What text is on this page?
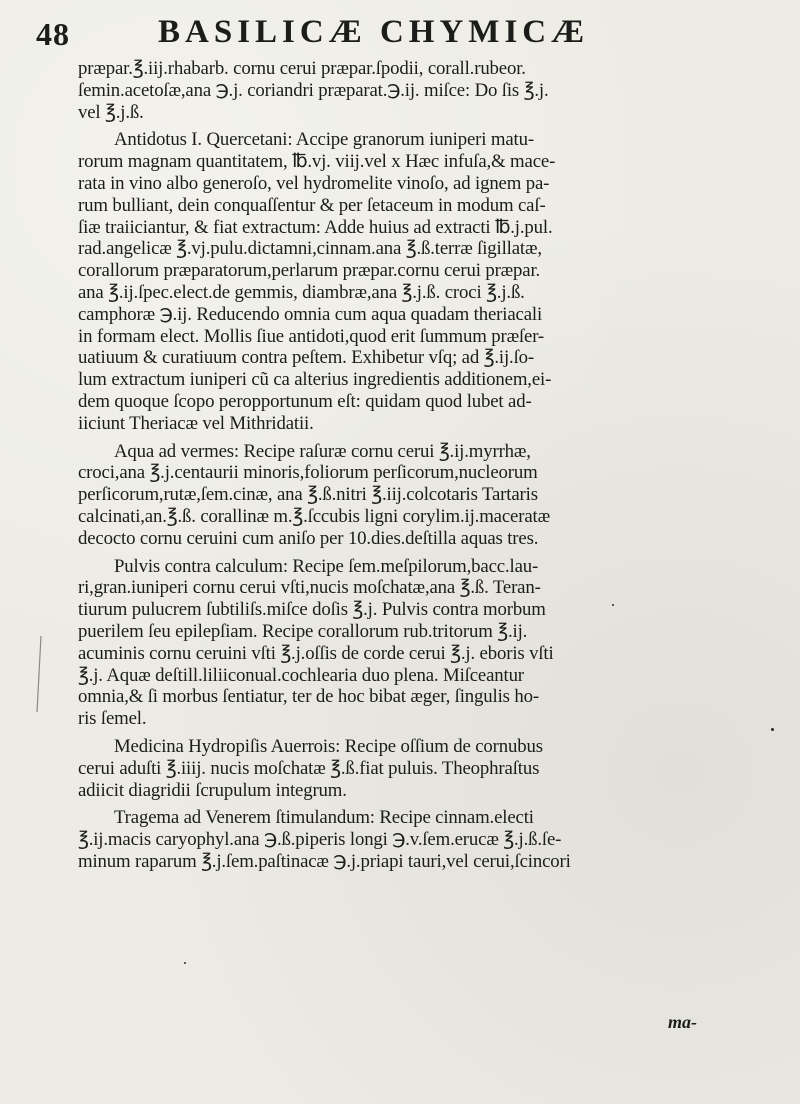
48	BASILICÆ CHYMICÆ
præpar.℥.iij.rhabarb. cornu cerui præpar.ſpodii, corall.rubeor.
ſemin.acetoſæ,ana ℈.j. coriandri præparat.℈.ij. miſce: Do ſis ℥.j.
vel ℥.j.ß.
Antidotus I. Quercetani: Accipe granorum iuniperi matu-
rorum magnam quantitatem, ℔.vj. viij.vel x Hæc infuſa,& mace-
rata in vino albo generoſo, vel hydromelite vinoſo, ad ignem pa-
rum bulliant, dein conquaſſentur & per ſetaceum in modum caſ-
ſiæ traiiciantur, & fiat extractum: Adde huius ad extracti ℔.j.pul.
rad.angelicæ ℥.vj.pulu.dictamni,cinnam.ana ℥.ß.terræ ſigillatæ,
corallorum præparatorum,perlarum præpar.cornu cerui præpar.
ana ℥.ij.ſpec.elect.de gemmis, diambræ,ana ℥.j.ß. croci ℥.j.ß.
camphoræ ℈.ij. Reducendo omnia cum aqua quadam theriacali
in formam elect. Mollis ſiue antidoti,quod erit ſummum præſer-
uatiuum & curatiuum contra peſtem. Exhibetur vſq; ad ℥.ij.ſo-
lum extractum iuniperi cũ ca alterius ingredientis additionem,ei-
dem quoque ſcopo peropportunum eſt: quidam quod lubet ad-
iiciunt Theriacæ vel Mithridatii.
Aqua ad vermes: Recipe raſuræ cornu cerui ℥.ij.myrrhæ,
croci,ana ℥.j.centaurii minoris,foliorum perſicorum,nucleorum
perſicorum,rutæ,ſem.cinæ, ana ℥.ß.nitri ℥.iij.colcotaris Tartaris
calcinati,an.℥.ß. corallinæ m.℥.ſccubis ligni corylim.ij.maceratæ
decocto cornu ceruini cum aniſo per 10.dies.deſtilla aquas tres.
Pulvis contra calculum: Recipe ſem.meſpilorum,bacc.lau-
ri,gran.iuniperi cornu cerui vſti,nucis moſchatæ,ana ℥.ß. Teran-
tiurum pulucrem ſubtiliſs.miſce doſis ℥.j. Pulvis contra morbum
puerilem ſeu epilepſiam. Recipe corallorum rub.tritorum ℥.ij.
acuminis cornu ceruini vſti ℥.j.oſſis de corde cerui ℥.j. eboris vſti
℥.j. Aquæ deſtill.liliiconual.cochlearia duo plena. Miſceantur
omnia,& ſi morbus ſentiatur, ter de hoc bibat æger, ſingulis ho-
ris ſemel.
Medicina Hydropiſis Auerrois: Recipe oſſium de cornubus
cerui aduſti ℥.iiij. nucis moſchatæ ℥.ß.fiat puluis. Theophraſtus
adiicit diagridii ſcrupulum integrum.
Tragema ad Venerem ſtimulandum: Recipe cinnam.electi
℥.ij.macis caryophyl.ana ℈.ß.piperis longi ℈.v.ſem.erucæ ℥.j.ß.ſe-
minum raparum ℥.j.ſem.paſtinacæ ℈.j.priapi tauri,vel cerui,ſcincori
ma-
